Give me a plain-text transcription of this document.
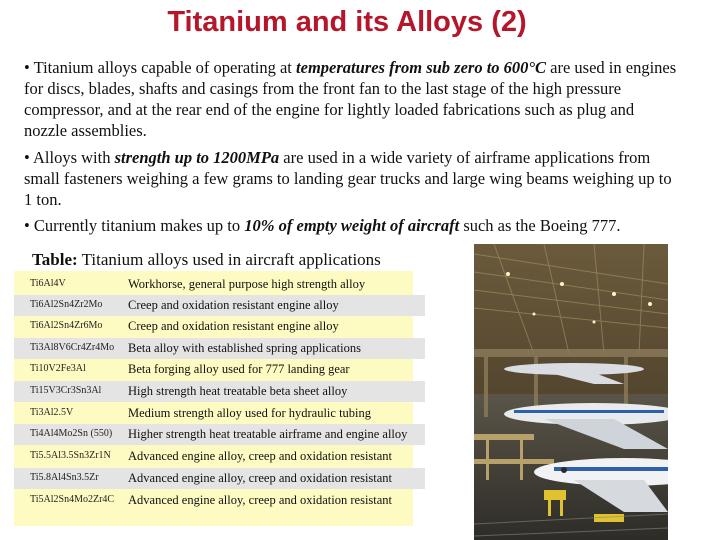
Titanium and its Alloys (2)
• Titanium alloys capable of operating at temperatures from sub zero to 600°C are used in engines for discs, blades, shafts and casings from the front fan to the last stage of the high pressure compressor, and at the rear end of the engine for lightly loaded fabrications such as plug and nozzle assemblies.
• Alloys with strength up to 1200MPa are used in a wide variety of airframe applications from small fasteners weighing a few grams to landing gear trucks and large wing beams weighing up to 1 ton.
• Currently titanium makes up to 10% of empty weight of aircraft such as the Boeing 777.
Table: Titanium alloys used in aircraft applications
Ti6Al4V	Workhorse, general purpose high strength alloy
Ti6Al2Sn4Zr2Mo Creep and oxidation resistant engine alloy
Ti6Al2Sn4Zr6Mo Creep and oxidation resistant engine alloy
Ti3Al8V6Cr4Zr4Mo Beta alloy with established spring applications
Ti10V2Fe3Al	Beta forging alloy used for 777 landing gear
Ti15V3Cr3Sn3Al High strength heat treatable beta sheet alloy
Ti3Al2.5V	Medium strength alloy used for hydraulic tubing
Ti4Al4Mo2Sn (550) Higher strength heat treatable airframe and engine alloy
Ti5.5Al3.5Sn3Zr1N Advanced engine alloy, creep and oxidation resistant
Ti5.8Al4Sn3.5Zr Advanced engine alloy, creep and oxidation resistant
Ti5Al2Sn4Mo2Zr4C Advanced engine alloy, creep and oxidation resistant
